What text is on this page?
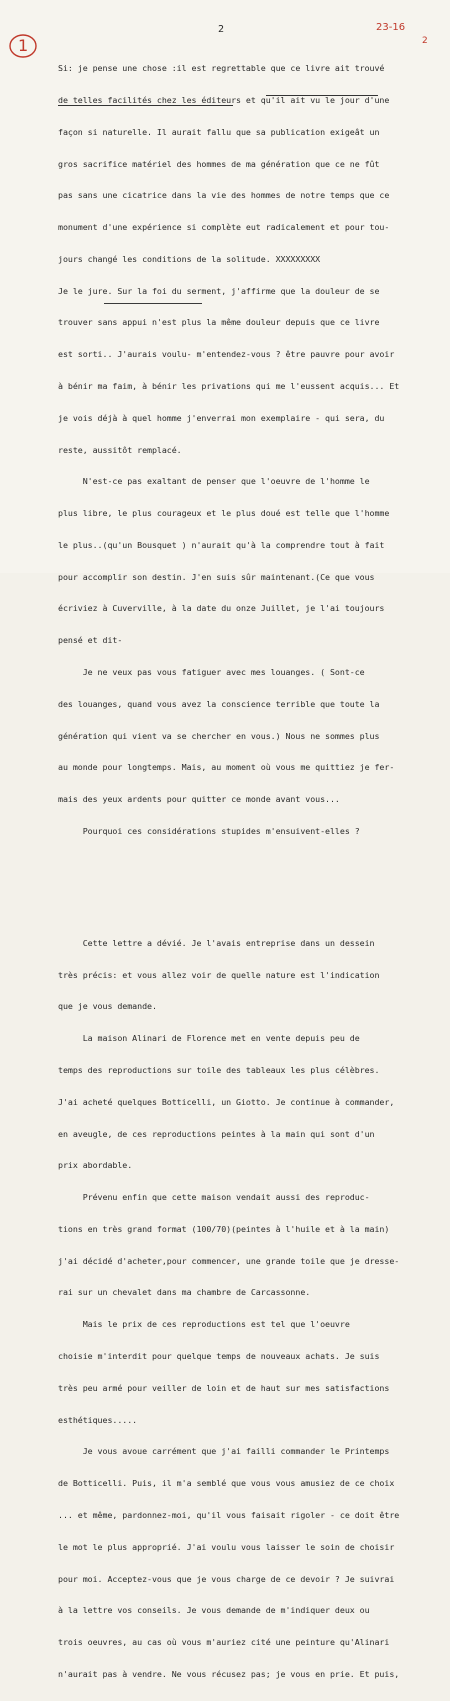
1
2	23-16
2

Si: je pense une chose :il est regrettable que ce livre ait trouvé

de telles facilités chez les éditeurs et qu'il ait vu le jour d'une

façon si naturelle. Il aurait fallu que sa publication exigeât un

gros sacrifice matériel des hommes de ma génération que ce ne fût

pas sans une cicatrice dans la vie des hommes de notre temps que ce

monument d'une expérience si complète eut radicalement et pour tou-

jours changé les conditions de la solitude. XXXXXXXXX

Je le jure. Sur la foi du serment, j'affirme que la douleur de se

trouver sans appui n'est plus la même douleur depuis que ce livre

est sorti.. J'aurais voulu- m'entendez-vous ? être pauvre pour avoir

à bénir ma faim, à bénir les privations qui me l'eussent acquis... Et

je vois déjà à quel homme j'enverrai mon exemplaire - qui sera, du

reste, aussitôt remplacé.

N'est-ce pas exaltant de penser que l'oeuvre de l'homme le

plus libre, le plus courageux et le plus doué est telle que l'homme

le plus..(qu'un Bousquet ) n'aurait qu'à la comprendre tout à fait

pour accomplir son destin. J'en suis sûr maintenant.(Ce que vous

écriviez à Cuverville, à la date du onze Juillet, je l'ai toujours

pensé et dit-

Je ne veux pas vous fatiguer avec mes louanges. ( Sont-ce

des louanges, quand vous avez la conscience terrible que toute la

génération qui vient va se chercher en vous.) Nous ne sommes plus

au monde pour longtemps. Mais, au moment où vous me quittiez je fer-

mais des yeux ardents pour quitter ce monde avant vous...

Pourquoi ces considérations stupides m'ensuivent-elles ?

Cette lettre a dévié. Je l'avais entreprise dans un dessein

très précis: et vous allez voir de quelle nature est l'indication

que je vous demande.

La maison Alinari de Florence met en vente depuis peu de

temps des reproductions sur toile des tableaux les plus célèbres.

J'ai acheté quelques Botticelli, un Giotto. Je continue à commander,

en aveugle, de ces reproductions peintes à la main qui sont d'un

prix abordable.

Prévenu enfin que cette maison vendait aussi des reproduc-

tions en très grand format (100/70)(peintes à l'huile et à la main)

j'ai décidé d'acheter,pour commencer, une grande toile que je dresse-

rai sur un chevalet dans ma chambre de Carcassonne.

Mais le prix de ces reproductions est tel que l'oeuvre

choisie m'interdit pour quelque temps de nouveaux achats. Je suis

très peu armé pour veiller de loin et de haut sur mes satisfactions

esthétiques.....

Je vous avoue carrément que j'ai failli commander le Printemps

de Botticelli. Puis, il m'a semblé que vous vous amusiez de ce choix

... et même, pardonnez-moi, qu'il vous faisait rigoler - ce doit être

le mot le plus approprié. J'ai voulu vous laisser le soin de choisir

pour moi. Acceptez-vous que je vous charge de ce devoir ? Je suivrai

à la lettre vos conseils. Je vous demande de m'indiquer deux ou

trois oeuvres, au cas où vous m'auriez cité une peinture qu'Alinari

n'aurait pas à vendre. Ne vous récusez pas; je vous en prie. Et puis,
